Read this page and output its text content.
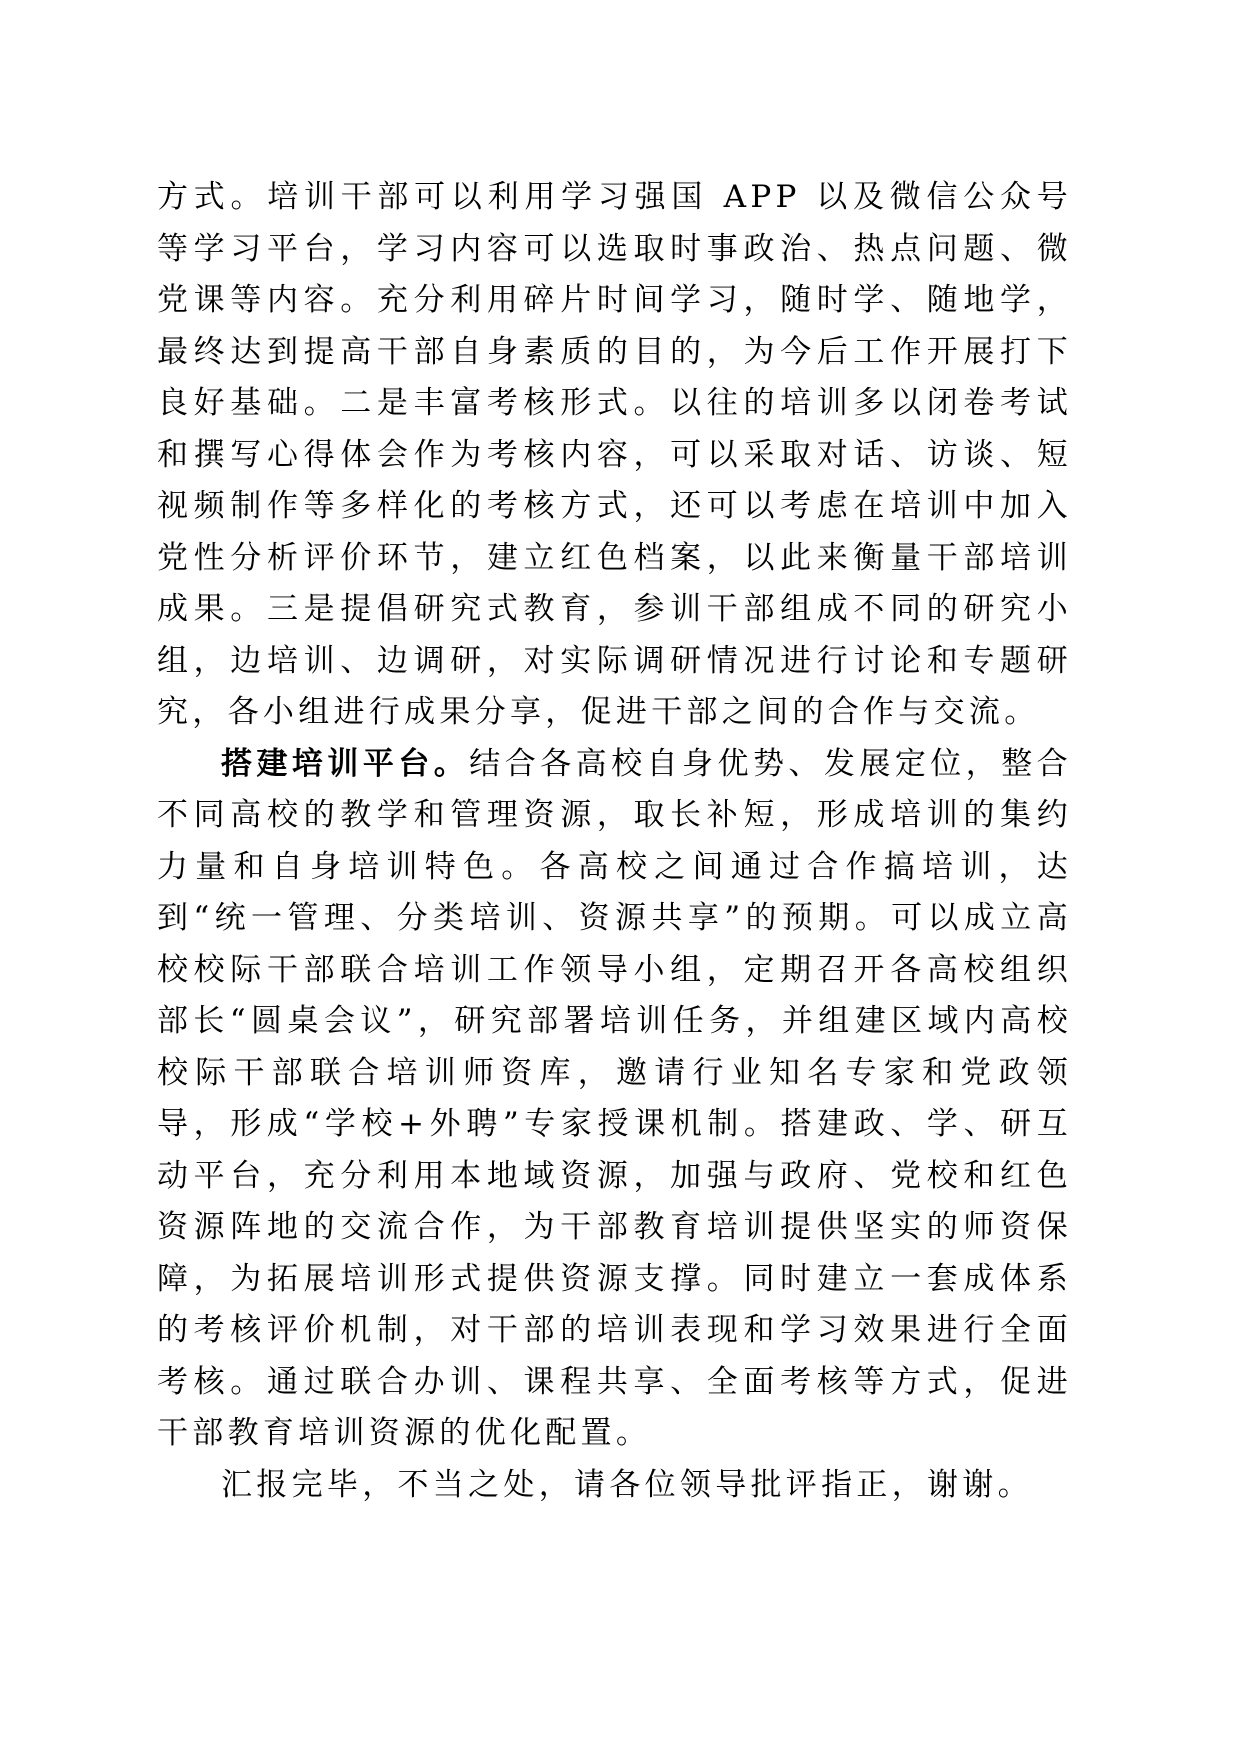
方式。培训干部可以利用学习强国 APP 以及微信公众号等学习平台，学习内容可以选取时事政治、热点问题、微党课等内容。充分利用碎片时间学习，随时学、随地学，最终达到提高干部自身素质的目的，为今后工作开展打下良好基础。二是丰富考核形式。以往的培训多以闭卷考试和撰写心得体会作为考核内容，可以采取对话、访谈、短视频制作等多样化的考核方式，还可以考虑在培训中加入党性分析评价环节，建立红色档案，以此来衡量干部培训成果。三是提倡研究式教育，参训干部组成不同的研究小组，边培训、边调研，对实际调研情况进行讨论和专题研究，各小组进行成果分享，促进干部之间的合作与交流。

搭建培训平台。结合各高校自身优势、发展定位，整合不同高校的教学和管理资源，取长补短，形成培训的集约力量和自身培训特色。各高校之间通过合作搞培训，达到“统一管理、分类培训、资源共享”的预期。可以成立高校校际干部联合培训工作领导小组，定期召开各高校组织部长“圆桌会议”，研究部署培训任务，并组建区域内高校校际干部联合培训师资库，邀请行业知名专家和党政领导，形成“学校+外聘”专家授课机制。搭建政、学、研互动平台，充分利用本地域资源，加强与政府、党校和红色资源阵地的交流合作，为干部教育培训提供坚实的师资保障，为拓展培训形式提供资源支撑。同时建立一套成体系的考核评价机制，对干部的培训表现和学习效果进行全面考核。通过联合办训、课程共享、全面考核等方式，促进干部教育培训资源的优化配置。

汇报完毕，不当之处，请各位领导批评指正，谢谢。
